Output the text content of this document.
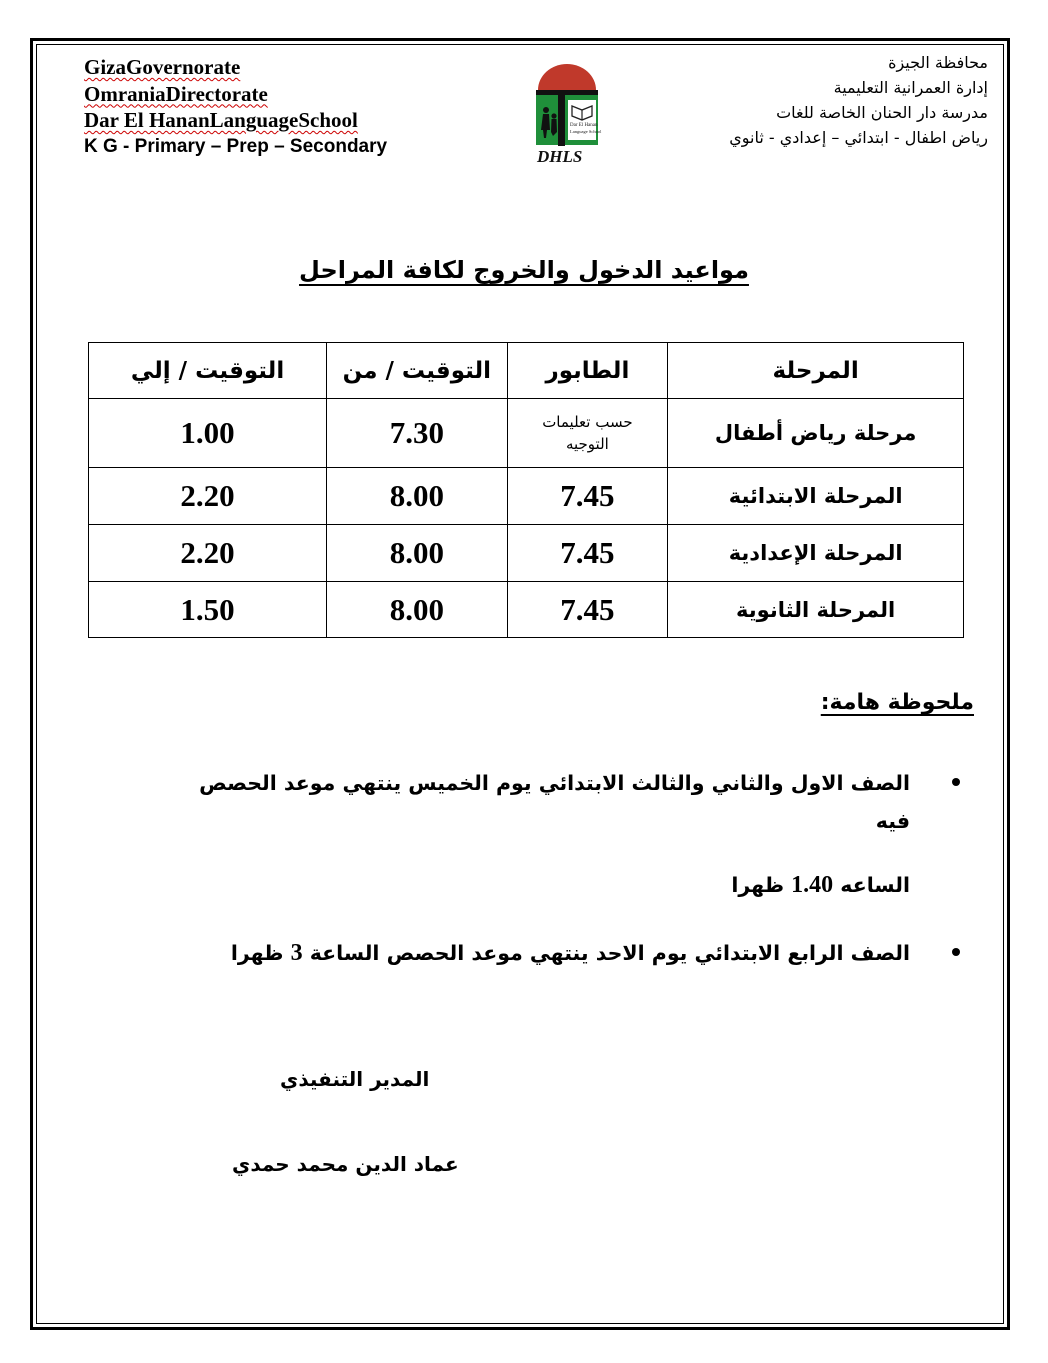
GizaGovernorate
OmraniaDirectorate
Dar El HananLanguageSchool
K G - Primary – Prep – Secondary
محافظة الجيزة
إدارة العمرانية التعليمية
مدرسة دار الحنان الخاصة للغات
رياض اطفال - ابتدائي – إعدادي - ثانوي
Dar El Hanan
Language School
DHLS
مواعيد الدخول والخروج لكافة المراحل
المرحلة	الطابور	التوقيت / من	التوقيت / إلي
مرحلة رياض أطفال	حسب تعليمات التوجيه	7.30	1.00
المرحلة الابتدائية	7.45	8.00	2.20
المرحلة الإعدادية	7.45	8.00	2.20
المرحلة الثانوية	7.45	8.00	1.50
ملحوظة هامة:
الصف الاول والثاني والثالث الابتدائي يوم الخميس ينتهي موعد الحصص فيه
الساعه 1.40 ظهرا
الصف الرابع الابتدائي يوم الاحد ينتهي موعد الحصص الساعة 3 ظهرا
المدير التنفيذي
عماد الدين محمد حمدي
